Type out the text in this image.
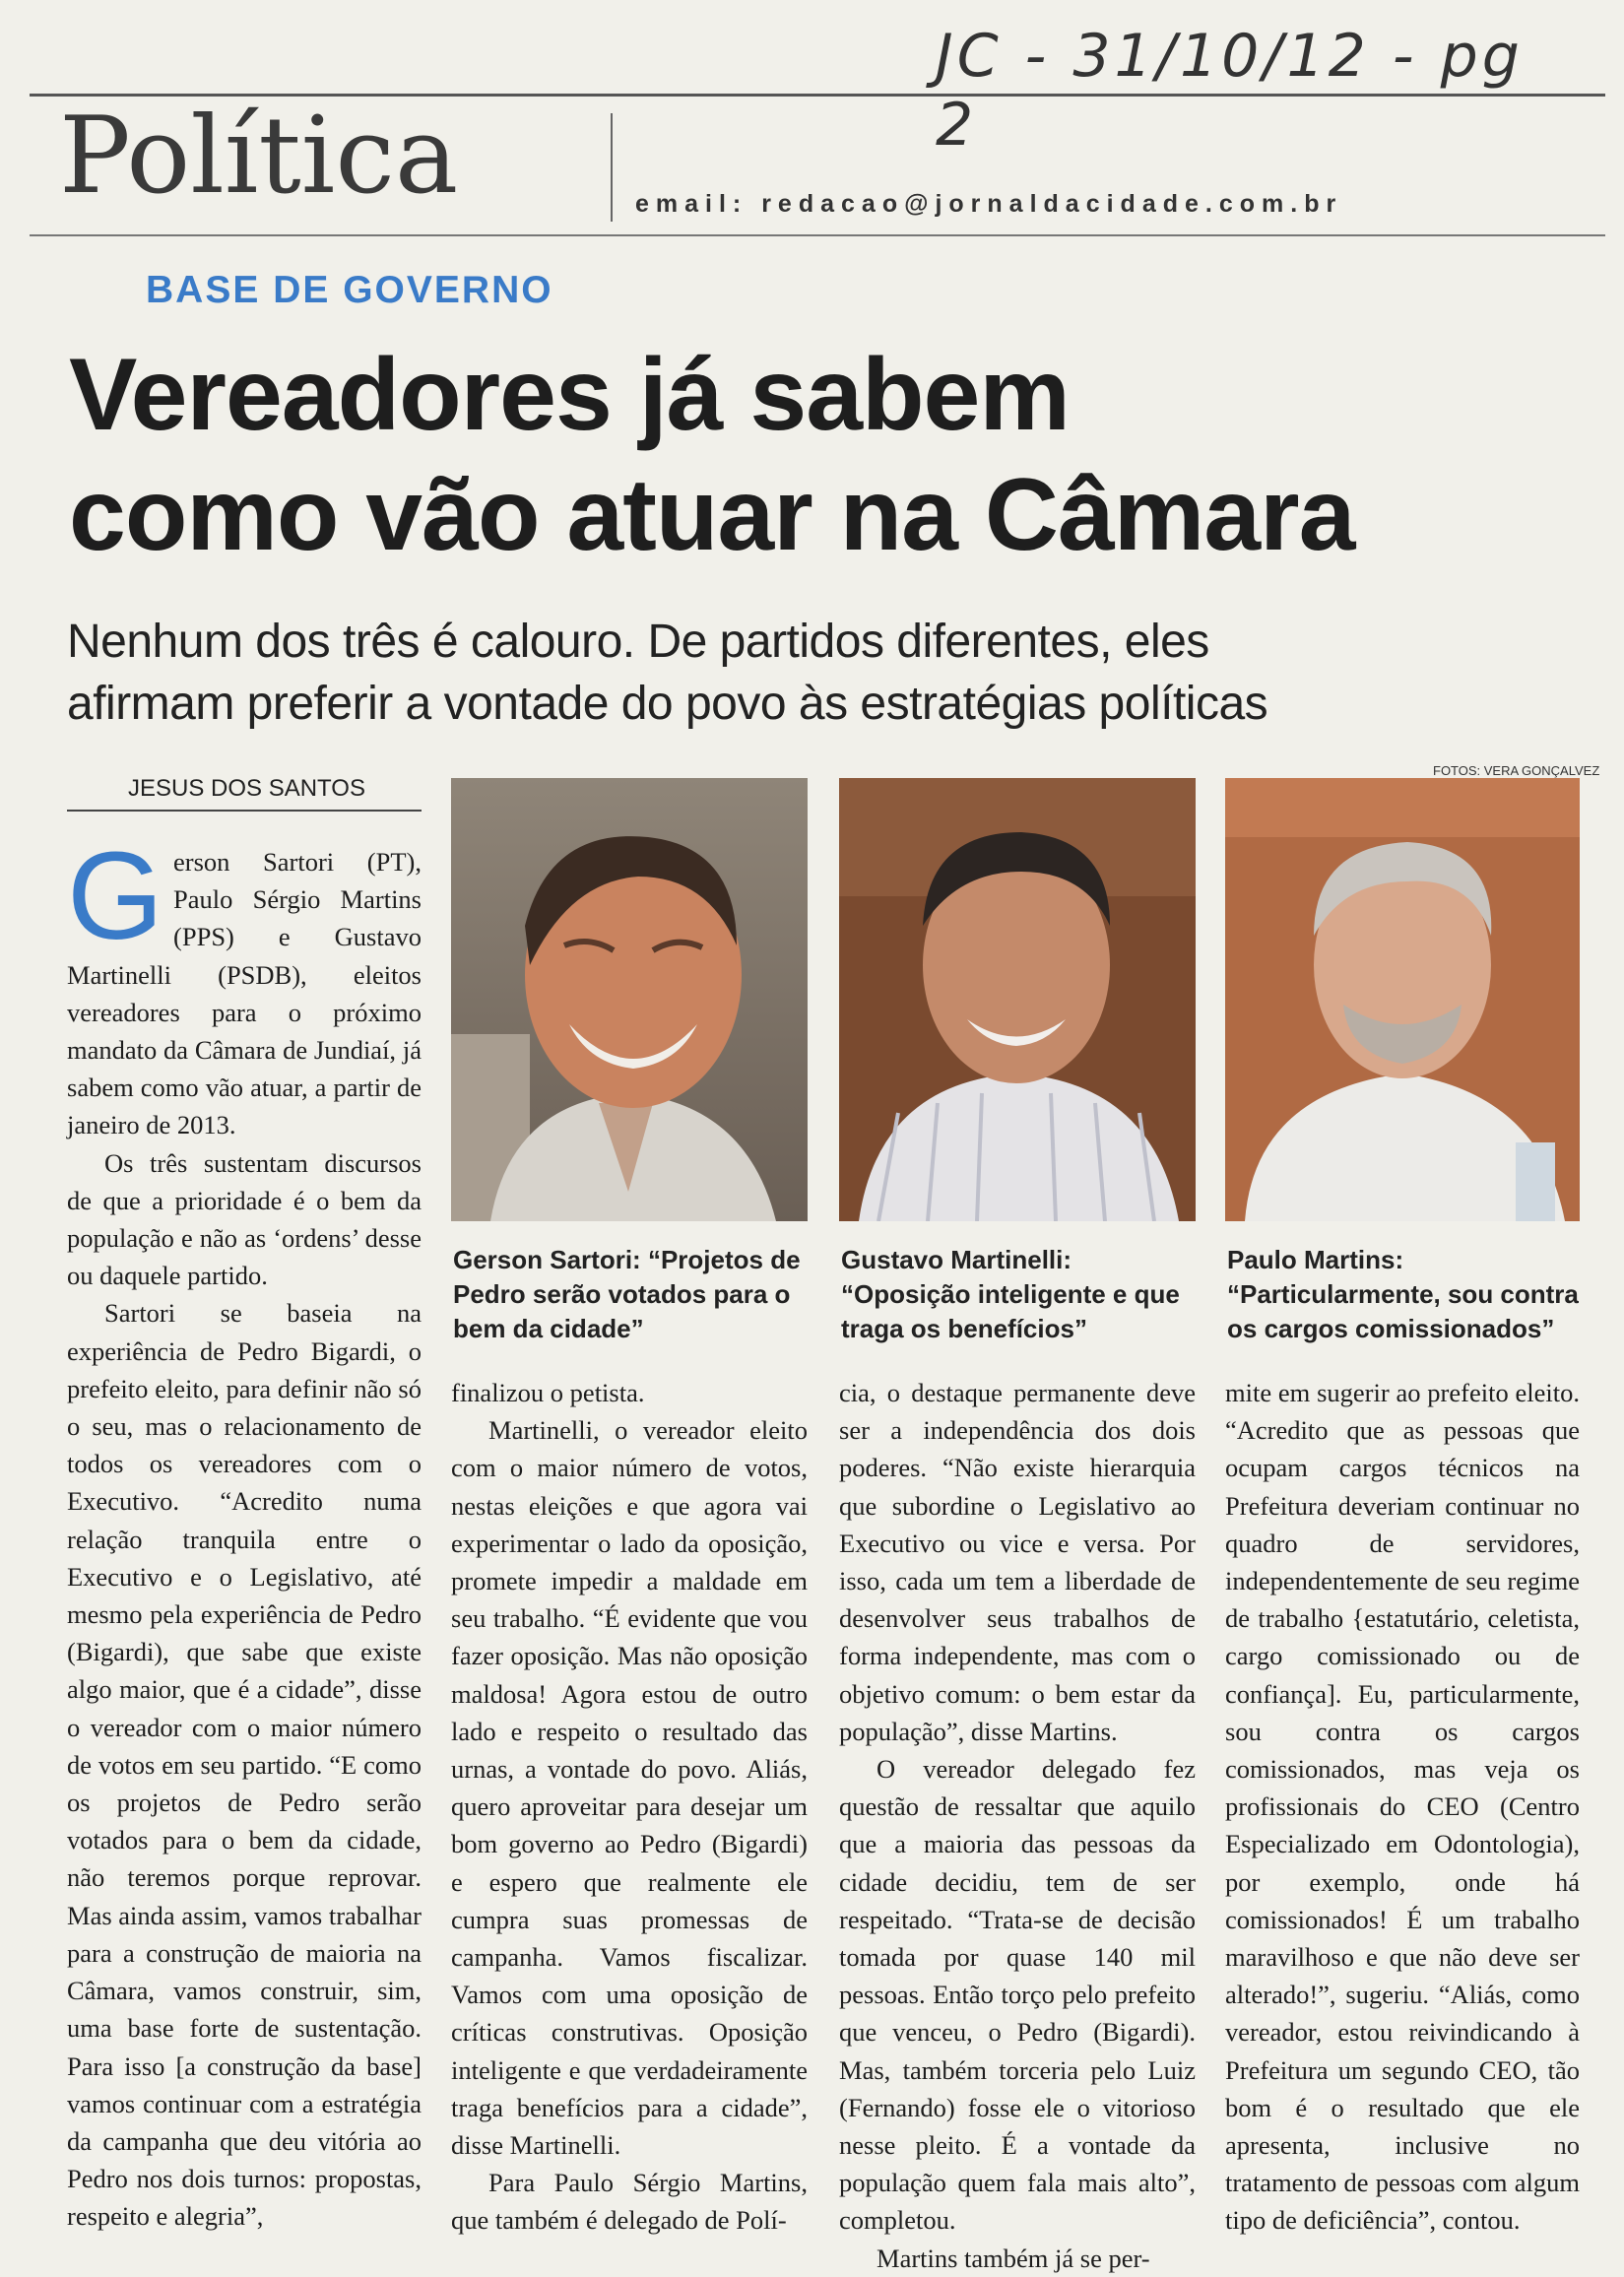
JC - 31/10/12 - pg 2
Política	email: redacao@jornaldacidade.com.br
BASE DE GOVERNO
Vereadores já sabem
como vão atuar na Câmara
Nenhum dos três é calouro. De partidos diferentes, eles
afirmam preferir a vontade do povo às estratégias políticas
FOTOS: VERA GONÇALVEZ
JESUS DOS SANTOS

Gerson Sartori (PT), Paulo Sérgio Martins (PPS) e Gustavo Martinelli (PSDB), eleitos vereadores para o próximo mandato da Câmara de Jundiaí, já sabem como vão atuar, a partir de janeiro de 2013.

Os três sustentam discursos de que a prioridade é o bem da população e não as ‘ordens’ desse ou daquele partido.

Sartori se baseia na experiência de Pedro Bigardi, o prefeito eleito, para definir não só o seu, mas o relacionamento de todos os vereadores com o Executivo. “Acredito numa relação tranquila entre o Executivo e o Legislativo, até mesmo pela experiência de Pedro (Bigardi), que sabe que existe algo maior, que é a cidade”, disse o vereador com o maior número de votos em seu partido. “E como os projetos de Pedro serão votados para o bem da cidade, não teremos porque reprovar. Mas ainda assim, vamos trabalhar para a construção de maioria na Câmara, vamos construir, sim, uma base forte de sustentação. Para isso [a construção da base] vamos continuar com a estratégia da campanha que deu vitória ao Pedro nos dois turnos: propostas, respeito e alegria”,

Gerson Sartori: “Projetos de Pedro serão votados para o bem da cidade”
Gustavo Martinelli: “Oposição inteligente e que traga os benefícios”
Paulo Martins: “Particularmente, sou contra os cargos comissionados”

finalizou o petista.

Martinelli, o vereador eleito com o maior número de votos, nestas eleições e que agora vai experimentar o lado da oposição, promete impedir a maldade em seu trabalho. “É evidente que vou fazer oposição. Mas não oposição maldosa! Agora estou de outro lado e respeito o resultado das urnas, a vontade do povo. Aliás, quero aproveitar para desejar um bom governo ao Pedro (Bigardi) e espero que realmente ele cumpra suas promessas de campanha. Vamos fiscalizar. Vamos com uma oposição de críticas construtivas. Oposição inteligente e que verdadeiramente traga benefícios para a cidade”, disse Martinelli.

Para Paulo Sérgio Martins, que também é delegado de Polí-

cia, o destaque permanente deve ser a independência dos dois poderes. “Não existe hierarquia que subordine o Legislativo ao Executivo ou vice e versa. Por isso, cada um tem a liberdade de desenvolver seus trabalhos de forma independente, mas com o objetivo comum: o bem estar da população”, disse Martins.

O vereador delegado fez questão de ressaltar que aquilo que a maioria das pessoas da cidade decidiu, tem de ser respeitado. “Trata-se de decisão tomada por quase 140 mil pessoas. Então torço pelo prefeito que venceu, o Pedro (Bigardi). Mas, também torceria pelo Luiz (Fernando) fosse ele o vitorioso nesse pleito. É a vontade da população quem fala mais alto”, completou.

Martins também já se per-

mite em sugerir ao prefeito eleito. “Acredito que as pessoas que ocupam cargos técnicos na Prefeitura deveriam continuar no quadro de servidores, independentemente de seu regime de trabalho {estatutário, celetista, cargo comissionado ou de confiança]. Eu, particularmente, sou contra os cargos comissionados, mas veja os profissionais do CEO (Centro Especializado em Odontologia), por exemplo, onde há comissionados! É um trabalho maravilhoso e que não deve ser alterado!”, sugeriu. “Aliás, como vereador, estou reivindicando à Prefeitura um segundo CEO, tão bom é o resultado que ele apresenta, inclusive no tratamento de pessoas com algum tipo de deficiência”, contou.
